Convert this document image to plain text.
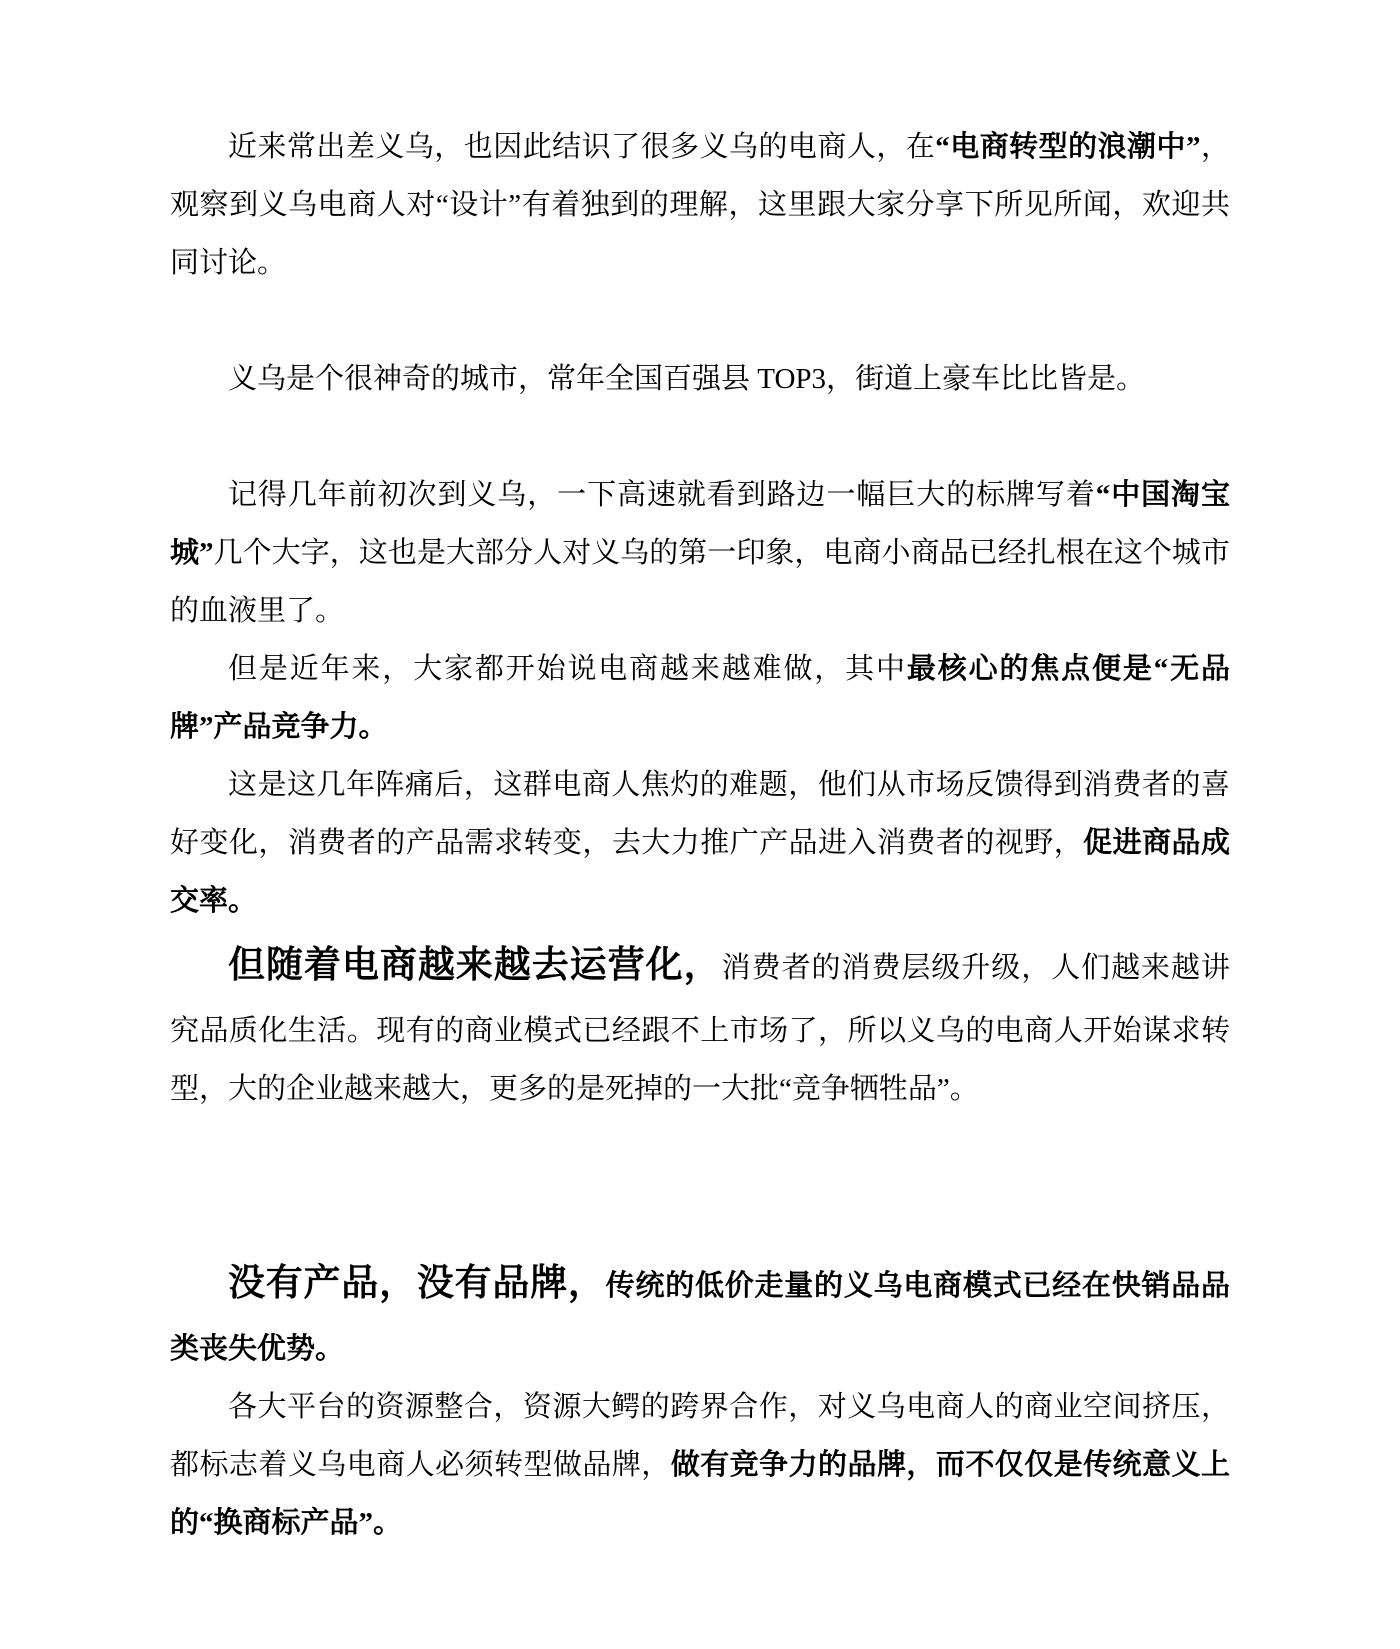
近来常出差义乌，也因此结识了很多义乌的电商人，在“电商转型的浪潮中”，观察到义乌电商人对“设计”有着独到的理解，这里跟大家分享下所见所闻，欢迎共同讨论。

义乌是个很神奇的城市，常年全国百强县 TOP3，街道上豪车比比皆是。

记得几年前初次到义乌，一下高速就看到路边一幅巨大的标牌写着“中国淘宝城”几个大字，这也是大部分人对义乌的第一印象，电商小商品已经扎根在这个城市的血液里了。

但是近年来，大家都开始说电商越来越难做，其中最核心的焦点便是“无品牌”产品竞争力。

这是这几年阵痛后，这群电商人焦灼的难题，他们从市场反馈得到消费者的喜好变化，消费者的产品需求转变，去大力推广产品进入消费者的视野，促进商品成交率。

但随着电商越来越去运营化，消费者的消费层级升级，人们越来越讲究品质化生活。现有的商业模式已经跟不上市场了，所以义乌的电商人开始谋求转型，大的企业越来越大，更多的是死掉的一大批“竞争牺牲品”。

没有产品，没有品牌，传统的低价走量的义乌电商模式已经在快销品品类丧失优势。

各大平台的资源整合，资源大鳄的跨界合作，对义乌电商人的商业空间挤压，都标志着义乌电商人必须转型做品牌，做有竞争力的品牌，而不仅仅是传统意义上的“换商标产品”。
